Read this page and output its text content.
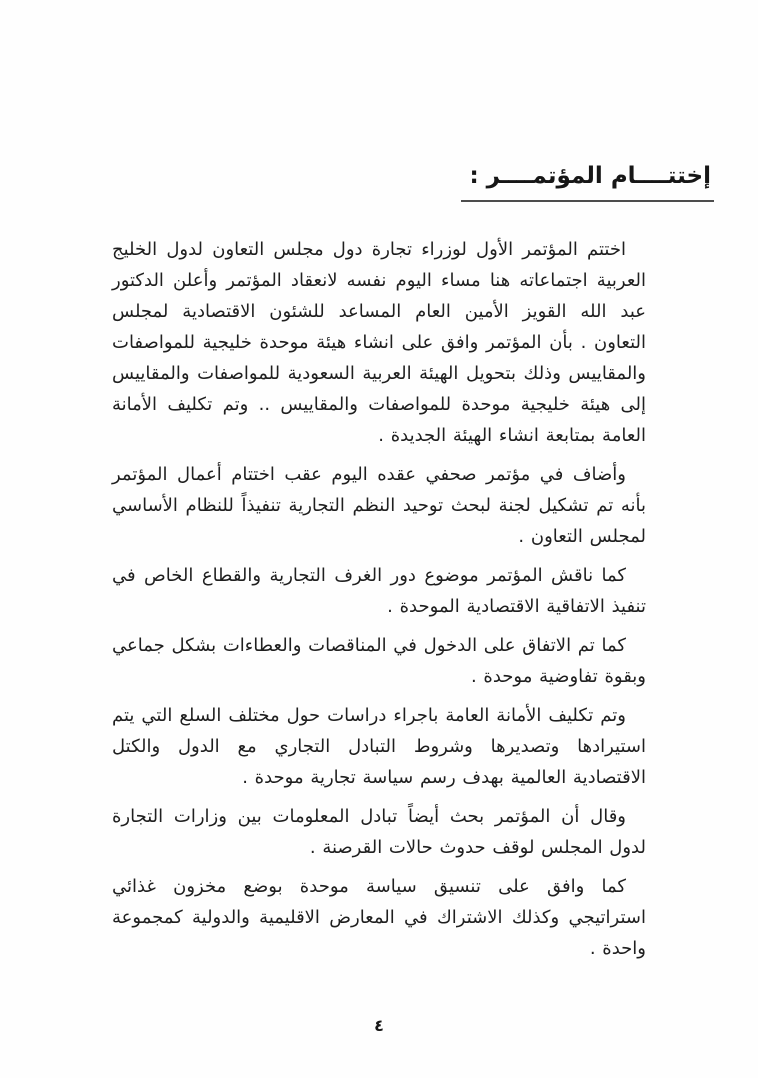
إختتــــام المؤتمــــر :

اختتم المؤتمر الأول لوزراء تجارة دول مجلس التعاون لدول الخليج العربية اجتماعاته هنا مساء اليوم نفسه لانعقاد المؤتمر وأعلن الدكتور عبد الله القويز الأمين العام المساعد للشئون الاقتصادية لمجلس التعاون . بأن المؤتمر وافق على انشاء هيئة موحدة خليجية للمواصفات والمقاييس وذلك بتحويل الهيئة العربية السعودية للمواصفات والمقاييس إلى هيئة خليجية موحدة للمواصفات والمقاييس .. وتم تكليف الأمانة العامة بمتابعة انشاء الهيئة الجديدة .

وأضاف في مؤتمر صحفي عقده اليوم عقب اختتام أعمال المؤتمر بأنه تم تشكيل لجنة لبحث توحيد النظم التجارية تنفيذاً للنظام الأساسي لمجلس التعاون .

كما ناقش المؤتمر موضوع دور الغرف التجارية والقطاع الخاص في تنفيذ الاتفاقية الاقتصادية الموحدة .

كما تم الاتفاق على الدخول في المناقصات والعطاءات بشكل جماعي وبقوة تفاوضية موحدة .

وتم تكليف الأمانة العامة باجراء دراسات حول مختلف السلع التي يتم استيرادها وتصديرها وشروط التبادل التجاري مع الدول والكتل الاقتصادية العالمية بهدف رسم سياسة تجارية موحدة .

وقال أن المؤتمر بحث أيضاً تبادل المعلومات بين وزارات التجارة لدول المجلس لوقف حدوث حالات القرصنة .

كما وافق على تنسيق سياسة موحدة بوضع مخزون غذائي استراتيجي وكذلك الاشتراك في المعارض الاقليمية والدولية كمجموعة واحدة .

٤
